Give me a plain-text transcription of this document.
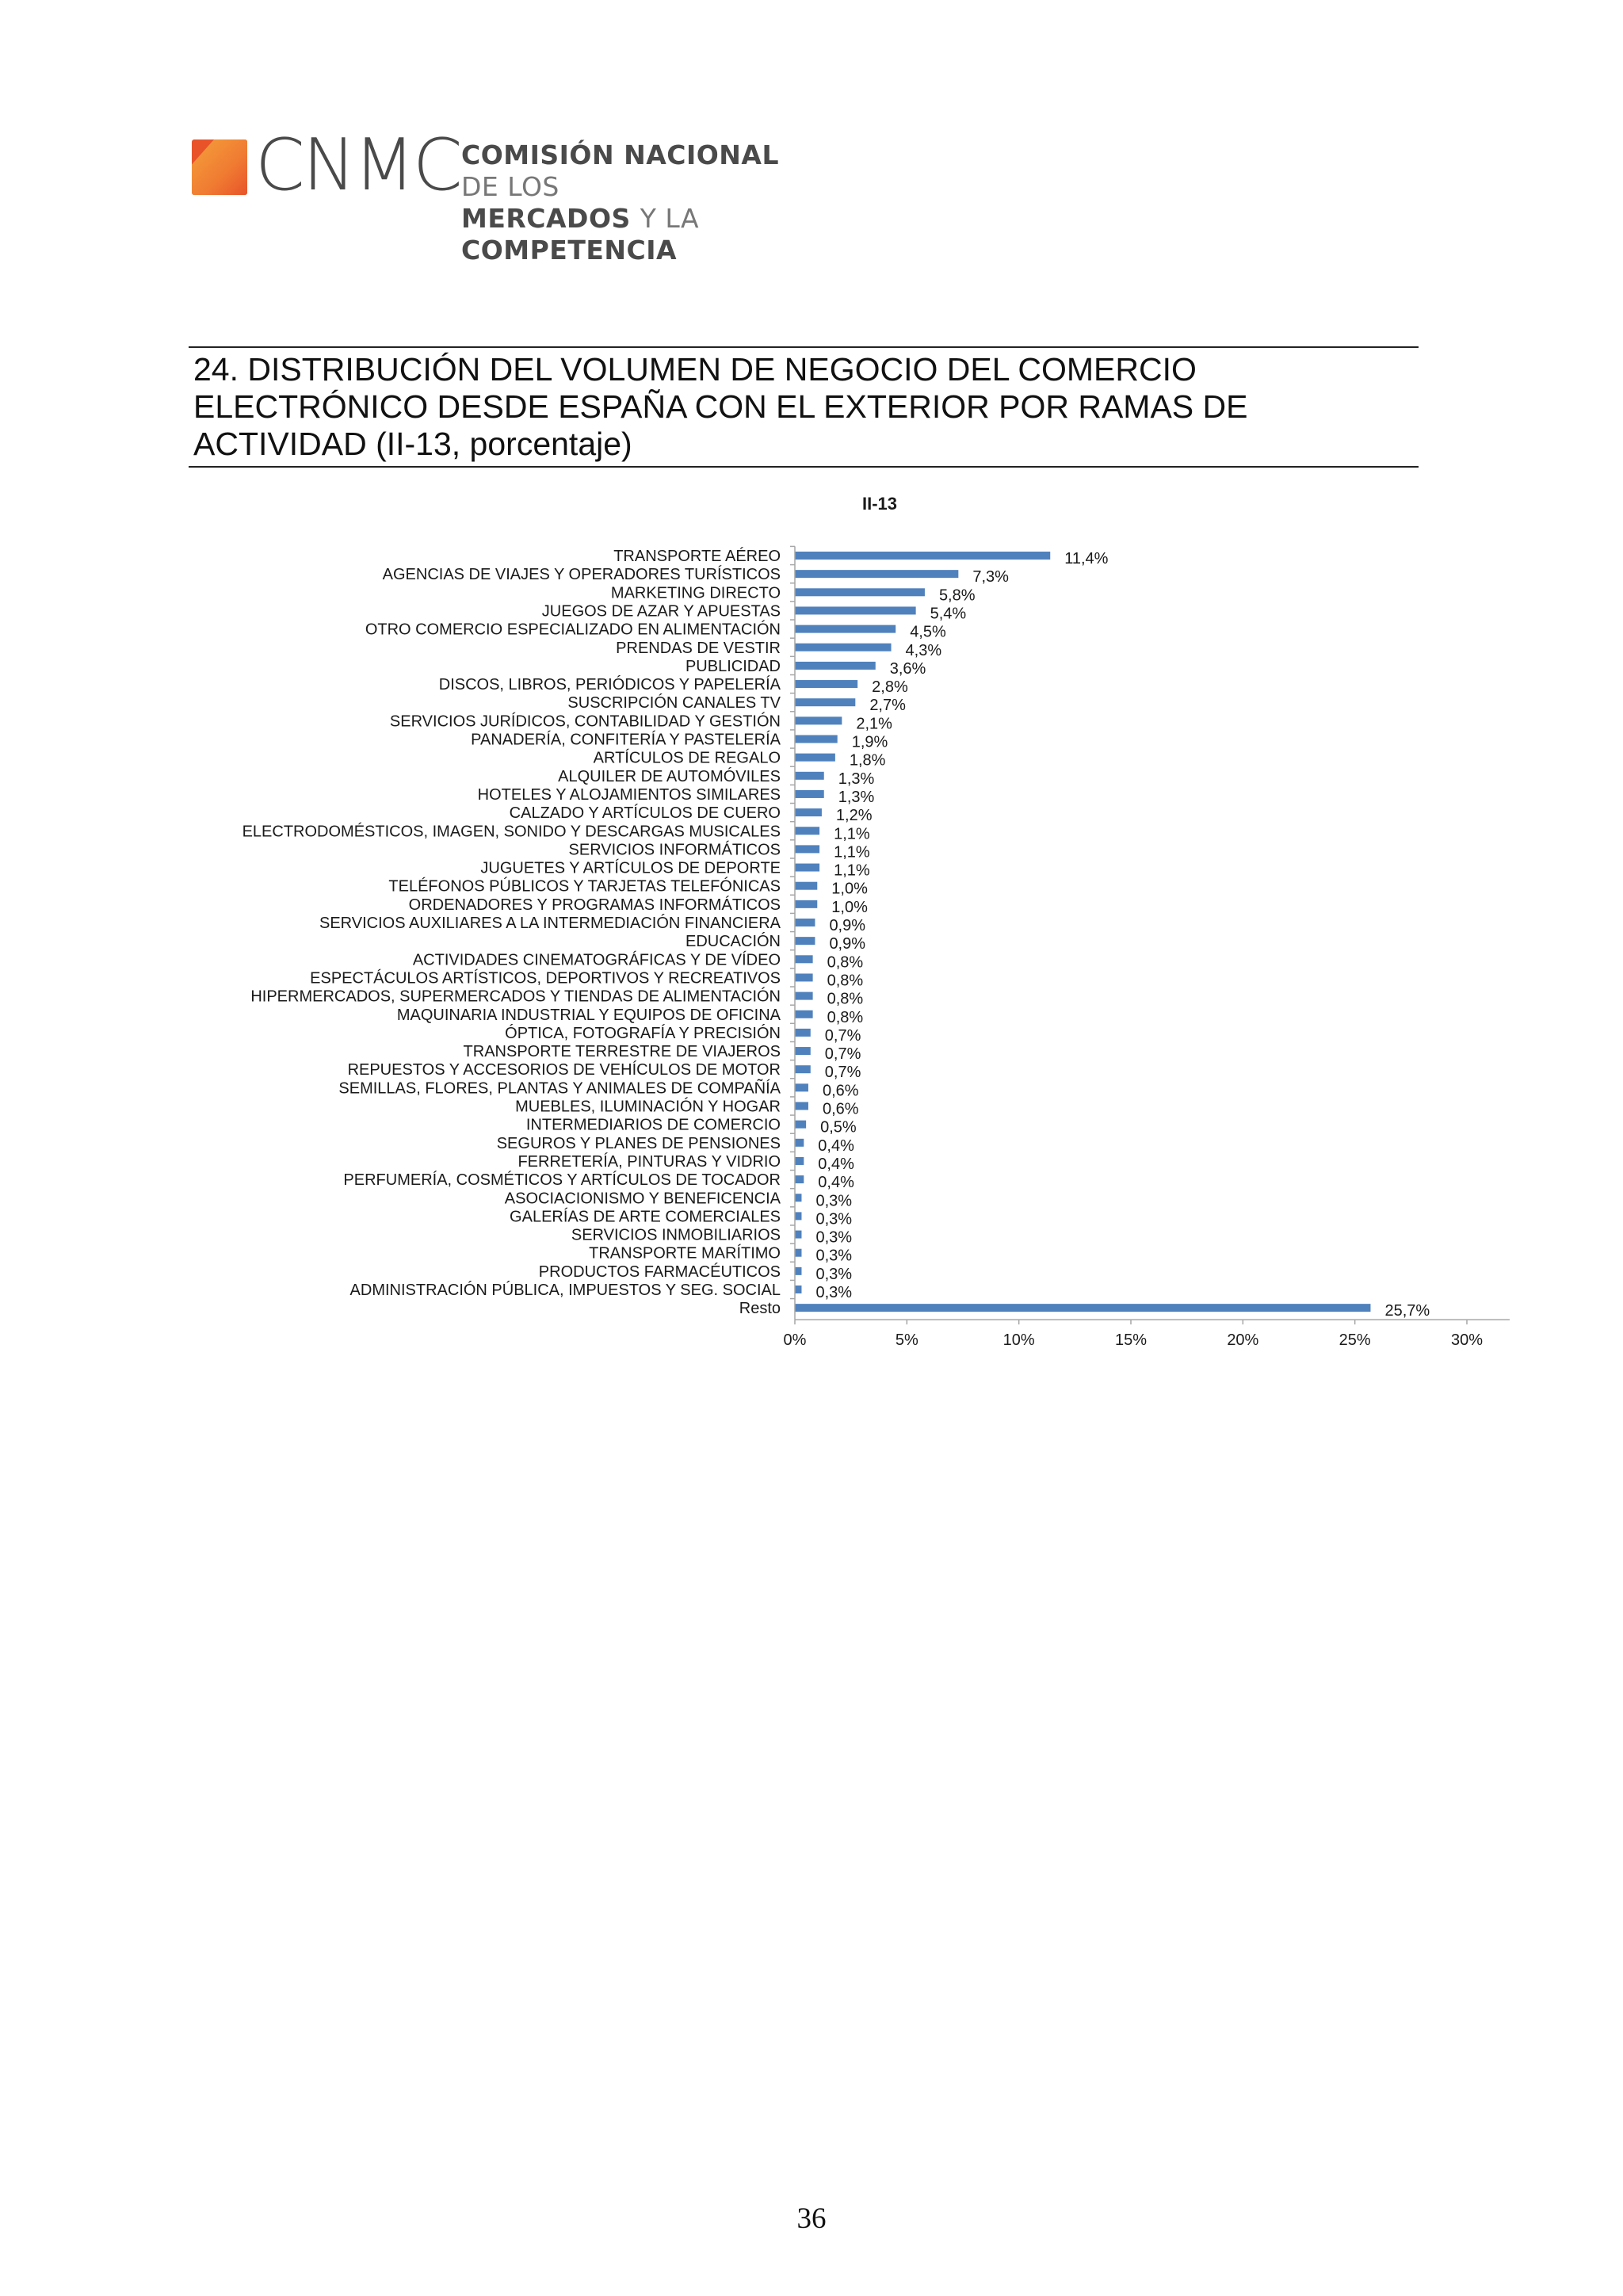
CNMC COMISIÓN NACIONAL DE LOS
MERCADOS Y LA COMPETENCIA
24. DISTRIBUCIÓN DEL VOLUMEN DE NEGOCIO DEL COMERCIO
ELECTRÓNICO DESDE ESPAÑA CON EL EXTERIOR POR RAMAS DE
ACTIVIDAD (II-13, porcentaje)
II-13
TRANSPORTE AÉREO	11,4%
AGENCIAS DE VIAJES Y OPERADORES TURÍSTICOS	7,3%
MARKETING DIRECTO	5,8%
JUEGOS DE AZAR Y APUESTAS	5,4%
OTRO COMERCIO ESPECIALIZADO EN ALIMENTACIÓN	4,5%
PRENDAS DE VESTIR	4,3%
PUBLICIDAD	3,6%
DISCOS, LIBROS, PERIÓDICOS Y PAPELERÍA	2,8%
SUSCRIPCIÓN CANALES TV	2,7%
SERVICIOS JURÍDICOS, CONTABILIDAD Y GESTIÓN	2,1%
PANADERÍA, CONFITERÍA Y PASTELERÍA	1,9%
ARTÍCULOS DE REGALO	1,8%
ALQUILER DE AUTOMÓVILES	1,3%
HOTELES Y ALOJAMIENTOS SIMILARES	1,3%
CALZADO Y ARTÍCULOS DE CUERO	1,2%
ELECTRODOMÉSTICOS, IMAGEN, SONIDO Y DESCARGAS MUSICALES	1,1%
SERVICIOS INFORMÁTICOS	1,1%
JUGUETES Y ARTÍCULOS DE DEPORTE	1,1%
TELÉFONOS PÚBLICOS Y TARJETAS TELEFÓNICAS	1,0%
ORDENADORES Y PROGRAMAS INFORMÁTICOS	1,0%
SERVICIOS AUXILIARES A LA INTERMEDIACIÓN FINANCIERA	0,9%
EDUCACIÓN	0,9%
ACTIVIDADES CINEMATOGRÁFICAS Y DE VÍDEO	0,8%
ESPECTÁCULOS ARTÍSTICOS, DEPORTIVOS Y RECREATIVOS	0,8%
HIPERMERCADOS, SUPERMERCADOS Y TIENDAS DE ALIMENTACIÓN	0,8%
MAQUINARIA INDUSTRIAL Y EQUIPOS DE OFICINA	0,8%
ÓPTICA, FOTOGRAFÍA Y PRECISIÓN	0,7%
TRANSPORTE TERRESTRE DE VIAJEROS	0,7%
REPUESTOS Y ACCESORIOS DE VEHÍCULOS DE MOTOR	0,7%
SEMILLAS, FLORES, PLANTAS Y ANIMALES DE COMPAÑÍA	0,6%
MUEBLES, ILUMINACIÓN Y HOGAR	0,6%
INTERMEDIARIOS DE COMERCIO	0,5%
SEGUROS Y PLANES DE PENSIONES 0,4%
FERRETERÍA, PINTURAS Y VIDRIO 0,4%
PERFUMERÍA, COSMÉTICOS Y ARTÍCULOS DE TOCADOR 0,4%
ASOCIACIONISMO Y BENEFICENCIA 0,3%
GALERÍAS DE ARTE COMERCIALES 0,3%
SERVICIOS INMOBILIARIOS 0,3%
TRANSPORTE MARÍTIMO 0,3%
PRODUCTOS FARMACÉUTICOS 0,3%
ADMINISTRACIÓN PÚBLICA, IMPUESTOS Y SEG. SOCIAL 0,3%
Resto	25,7%
0%	5%	10%	15%	20%	25%	30%
36
